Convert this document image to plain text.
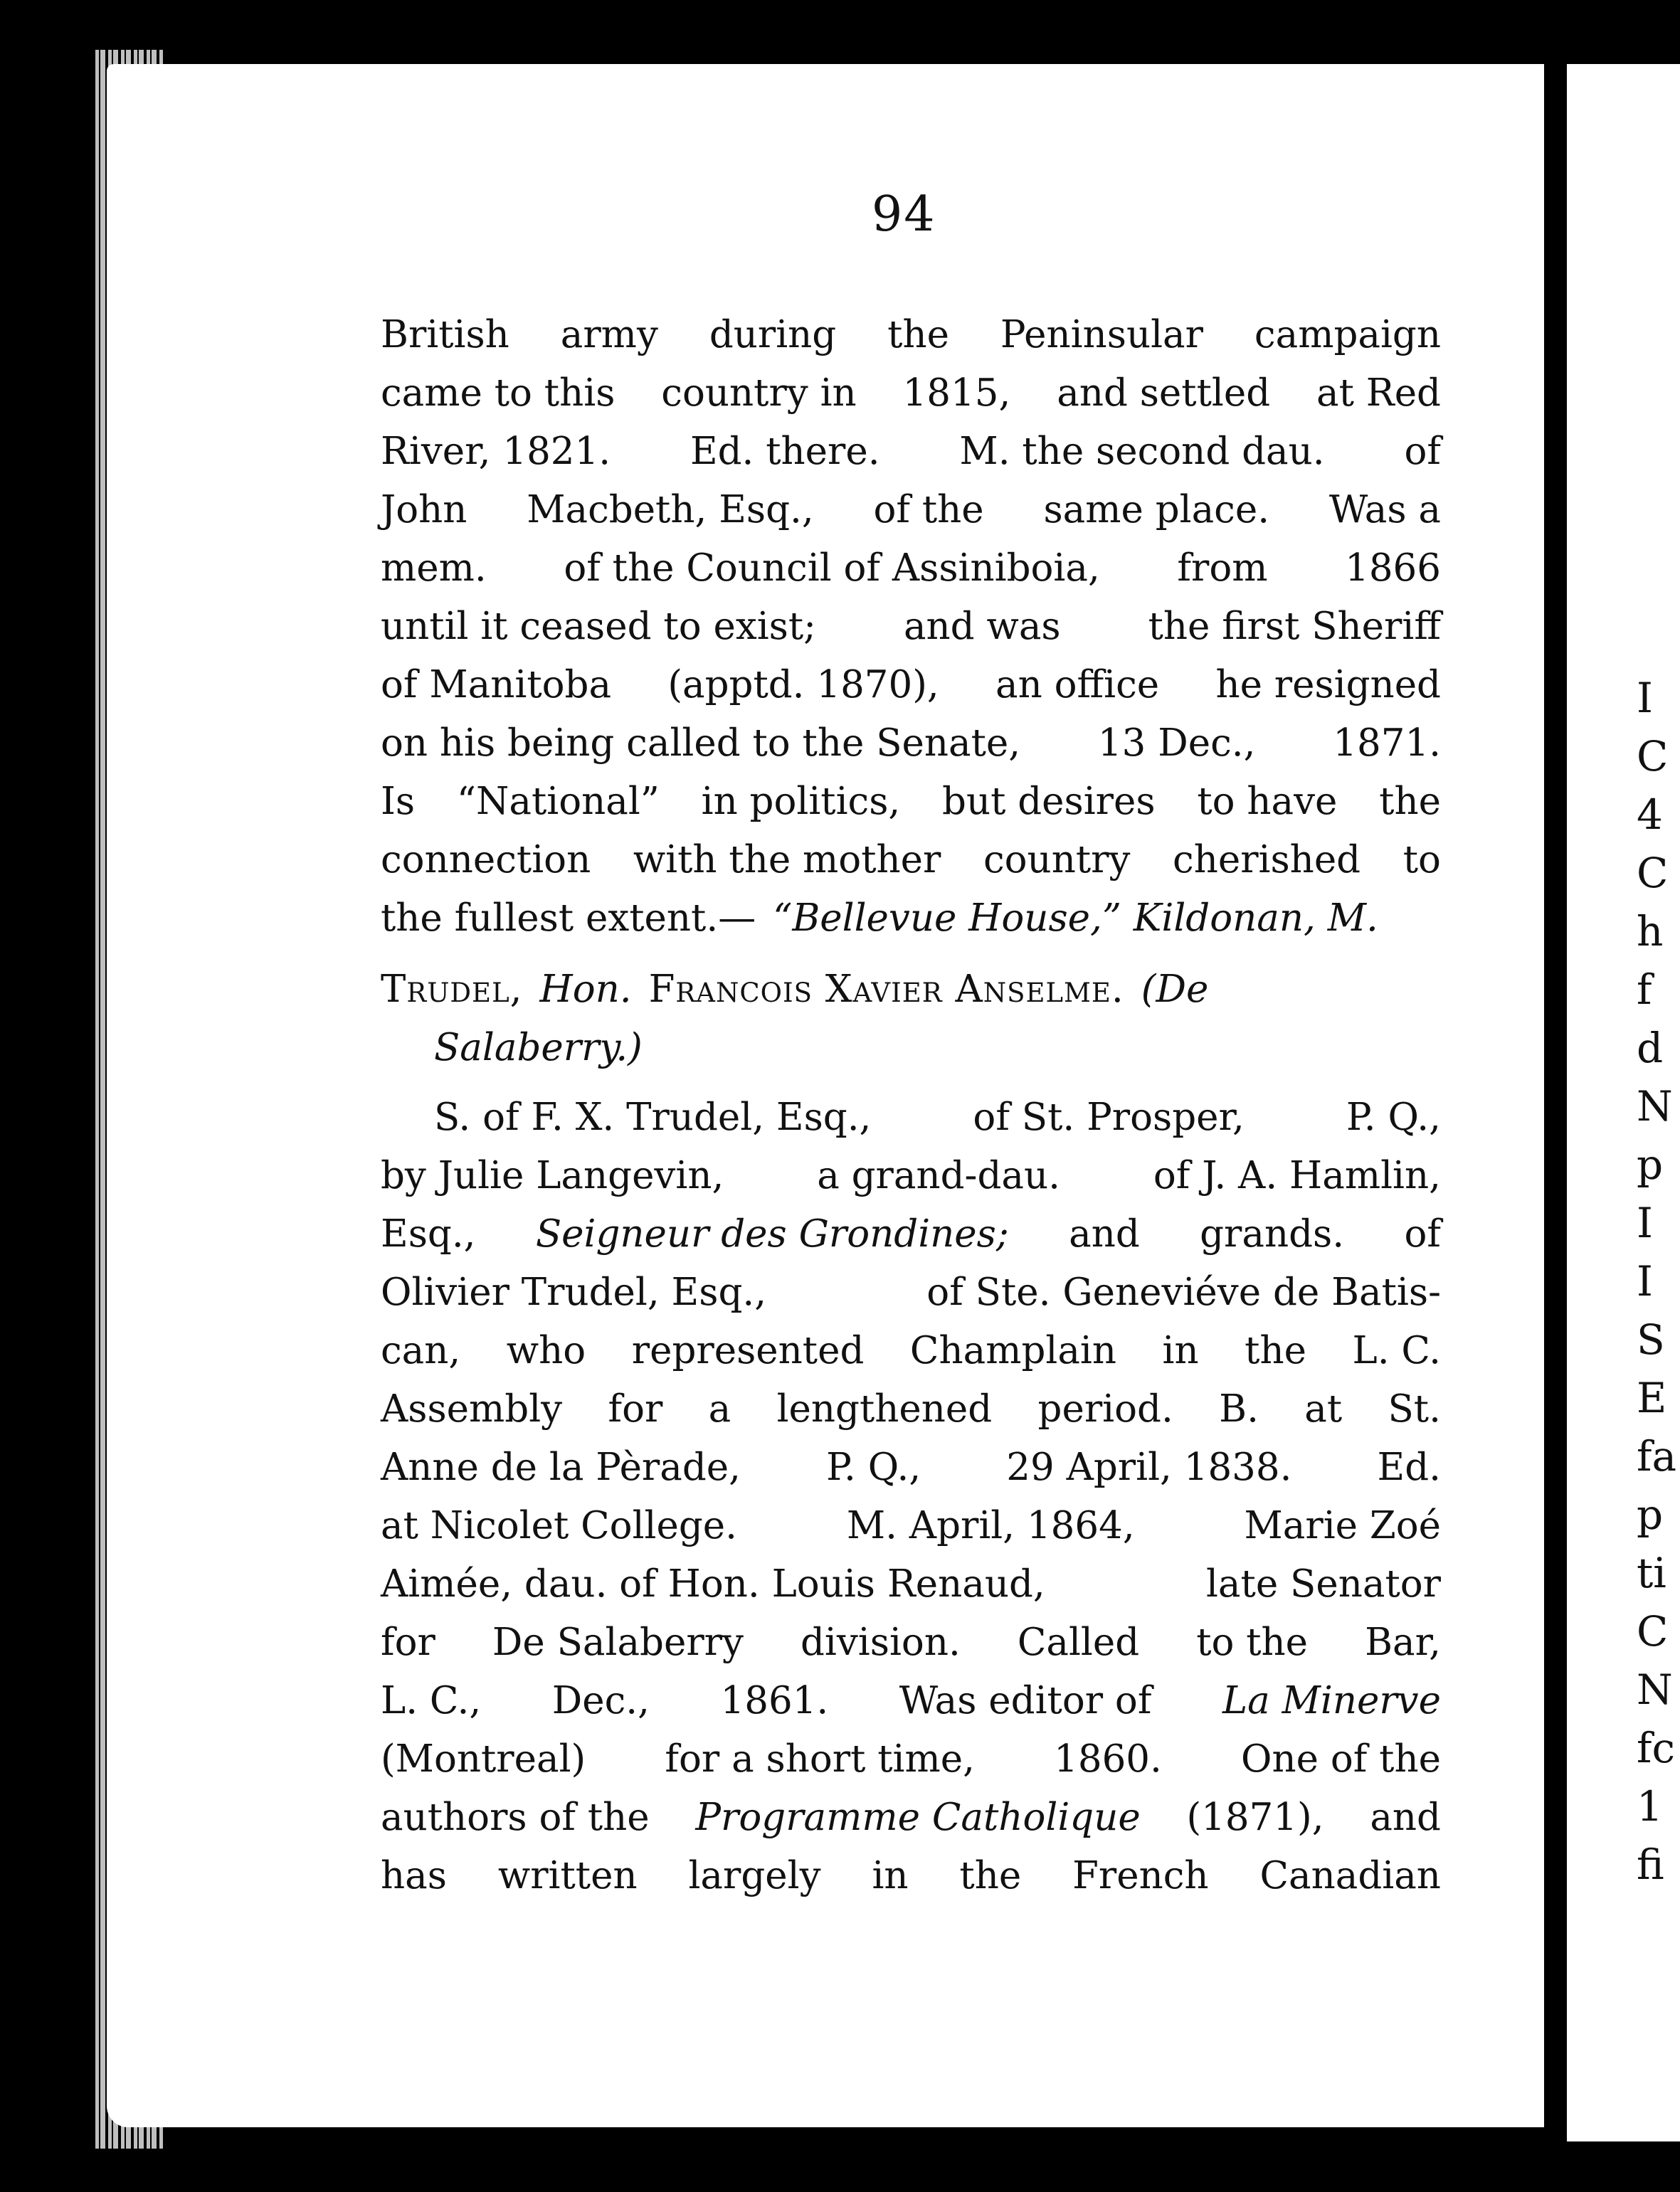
94
British army during the Peninsular campaign
came to this country in 1815, and settled at Red
River, 1821. Ed. there. M. the second dau. of
John Macbeth, Esq., of the same place. Was a
mem. of the Council of Assiniboia, from 1866
until it ceased to exist; and was the first Sheriff
of Manitoba (apptd. 1870), an office he resigned
on his being called to the Senate, 13 Dec., 1871.
Is “National” in politics, but desires to have the
connection with the mother country cherished to
the fullest extent.— “Bellevue House,” Kildonan, M.
Trudel, Hon. Francois Xavier Anselme. (De
Salaberry.)
S. of F. X. Trudel, Esq.,	of St. Prosper,	P. Q.,
by Julie Langevin, a grand-dau. of J. A. Hamlin,
Esq., Seigneur des Grondines; and grands. of
Olivier Trudel, Esq.,	of Ste. Geneviéve de Batis-
can, who represented Champlain in the L. C.
Assembly for a lengthened period. B. at St.
Anne de la Pèrade, P. Q., 29 April, 1838. Ed.
at Nicolet College.	M. April, 1864,	Marie Zoé
Aimée, dau. of Hon. Louis Renaud,	late Senator
for De Salaberry division. Called to the Bar,
L. C., Dec., 1861. Was editor of La Minerve
(Montreal) for a short time, 1860. One of the
authors of the Programme Catholique (1871), and
has written largely in the French Canadian
I
C
4
C
h
f
d
N
p
I
I
S
E
fa
p
ti
C
N
fc
1
fi
